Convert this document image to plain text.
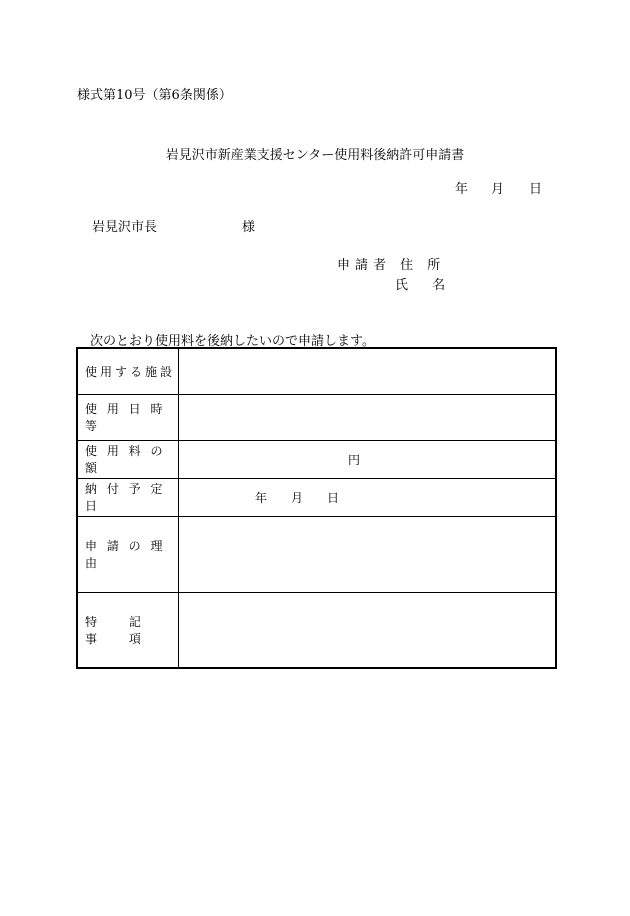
様式第10号（第6条関係）
岩見沢市新産業支援センター使用料後納許可申請書
年 月 日
岩見沢市長	様
申請者 住 所
氏 名
次のとおり使用料を後納したいので申請します。
使用する施設	
使 用 日 時 等	
使 用 料 の 額	円
納 付 予 定 日	年 月 日
申 請 の 理 由	
特 記 事 項	
